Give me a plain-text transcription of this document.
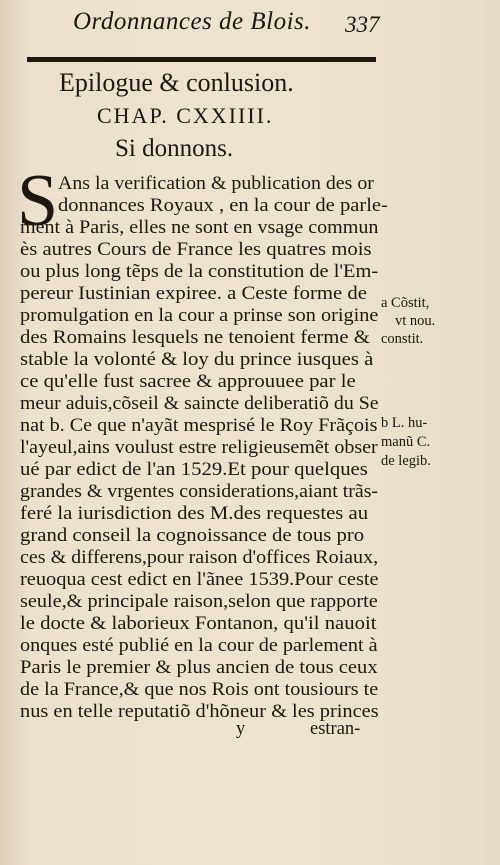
Ordonnances de Blois. 337
Epilogue & conlusion.
CHAP. CXXIIII.
Si donnons.
S Ans la verification & publication des or
donnances Royaux , en la cour de parle-
ment à Paris, elles ne sont en vsage commun
ès autres Cours de France les quatres mois
ou plus long tẽps de la constitution de l'Em-
pereur Iustinian expiree. a Ceste forme de
promulgation en la cour a prinse son origine
des Romains lesquels ne tenoient ferme &
stable la volonté & loy du prince iusques à
ce qu'elle fust sacree & approuuee par le
meur aduis,cõseil & saincte deliberatiõ du Se
nat b. Ce que n'ayãt mesprisé le Roy Frãçois
l'ayeul,ains voulust estre religieusemẽt obser
ué par edict de l'an 1529.Et pour quelques
grandes & vrgentes considerations,aiant trãs-
feré la iurisdiction des M.des requestes au
grand conseil la cognoissance de tous pro
ces & differens,pour raison d'offices Roiaux,
reuoqua cest edict en l'ãnee 1539.Pour ceste
seule,& principale raison,selon que rapporte
le docte & laborieux Fontanon, qu'il nauoit
onques esté publié en la cour de parlement à
Paris le premier & plus ancien de tous ceux
de la France,& que nos Rois ont tousiours te
nus en telle reputatiõ d'hõneur & les princes
y	estran-
a Cõstit,
vt nou.
constit.
b L. hu-
manũ C.
de legib.
